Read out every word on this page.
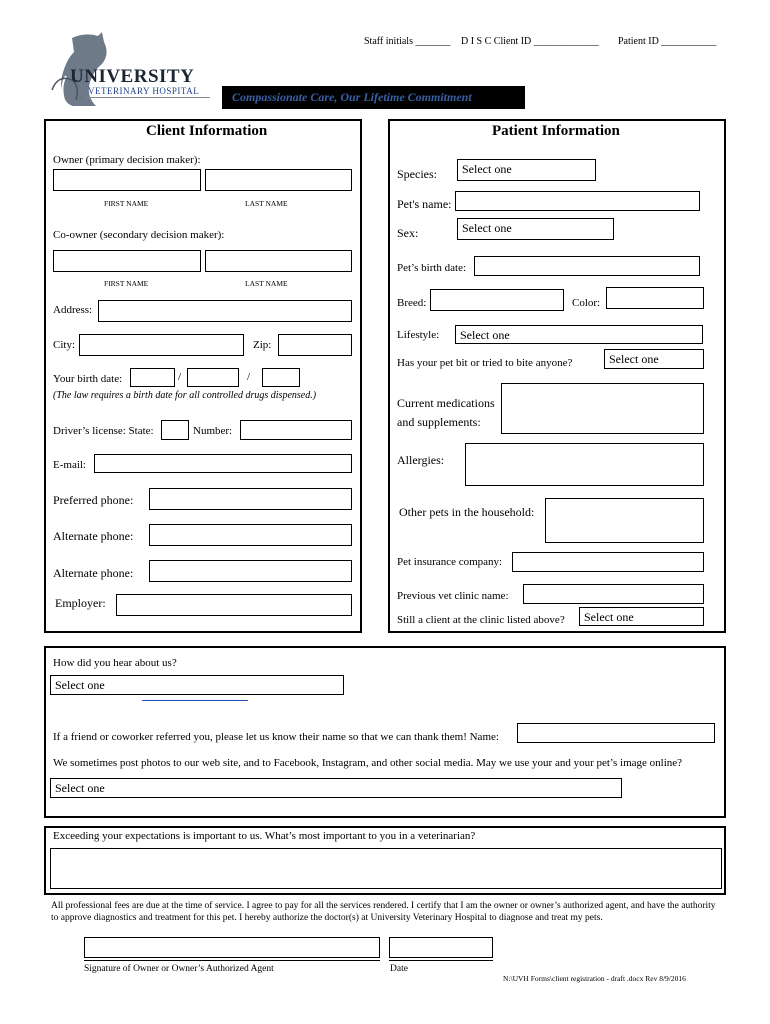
Staff initials _______ D I S C Client ID _____________ Patient ID ___________
UNIVERSITY
VETERINARY HOSPITAL	Compassionate Care, Our Lifetime Commitment
Client Information
Owner (primary decision maker):
FIRST NAME	LAST NAME
Co-owner (secondary decision maker):
FIRST NAME	LAST NAME
Address:
City:	Zip:
Your birth date:	/	/
(The law requires a birth date for all controlled drugs dispensed.)
Driver’s license: State:	Number:
E-mail:
Preferred phone:
Alternate phone:
Alternate phone:
Employer:
Patient Information
Species:	Select one
Pet's name:
Sex:	Select one
Pet’s birth date:
Breed:	Color:
Lifestyle:	Select one
Has your pet bit or tried to bite anyone?	Select one
Current medications
and supplements:
Allergies:
Other pets in the household:
Pet insurance company:
Previous vet clinic name:
Still a client at the clinic listed above?	Select one
How did you hear about us?
Select one
If a friend or coworker referred you, please let us know their name so that we can thank them! Name:
We sometimes post photos to our web site, and to Facebook, Instagram, and other social media. May we use your and your pet’s image online?
Select one
Exceeding your expectations is important to us. What’s most important to you in a veterinarian?
All professional fees are due at the time of service. I agree to pay for all the services rendered. I certify that I am the owner or owner’s authorized agent, and have the authority to approve diagnostics and treatment for this pet. I hereby authorize the doctor(s) at University Veterinary Hospital to diagnose and treat my pets.
Signature of Owner or Owner’s Authorized Agent	Date
N:\UVH Forms\client registration - draft .docx Rev 8/9/2016
